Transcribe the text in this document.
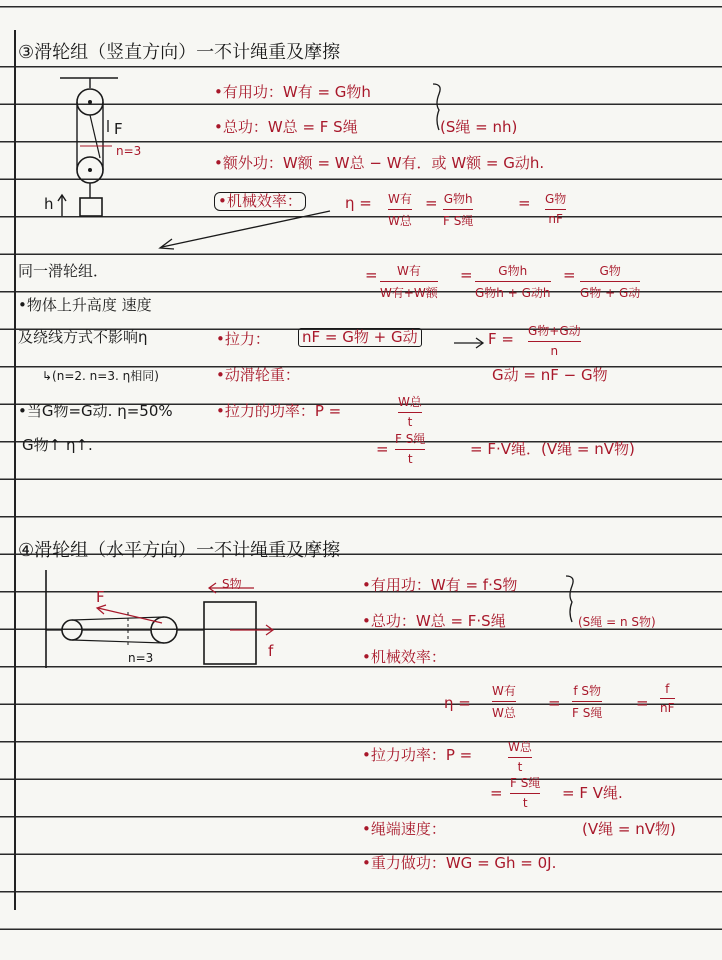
③滑轮组（竖直方向）一不计绳重及摩擦
F
n=3
h
•有用功：W有 = G物h
•总功：W总 = F S绳	(S绳 = nh)
•额外功：W额 = W总 − W有．或 W额 = G动h.
•机械效率：	η = W有
W总
= G物h
F S绳
= G物
nF
= W有
W有+W额
= G物h
G物h + G动h
= G物
G物 + G动
同一滑轮组．
•物体上升高度 速度
及绕线方式不影响η
↳(n=2. n=3. η相同)
•当G物=G动. η=50%
G物↑ η↑.
•拉力： nF = G物 + G动	F = G物+G动
n
•动滑轮重：	G动 = nF − G物
•拉力的功率：P =	W总
t
=
F S绳
t
= F·V绳．(V绳 = nV物)
④滑轮组（水平方向）一不计绳重及摩擦
S物
F
n=3	f
•有用功：W有 = f·S物
•总功：W总 = F·S绳	(S绳 = n S物)
•机械效率：
η =
W有
W总
=
f S物
F S绳
=
f
nF
•拉力功率：P =	W总
t
=
F S绳
t
= F V绳.
•绳端速度：	(V绳 = nV物)
•重力做功：WG = Gh = 0J.
